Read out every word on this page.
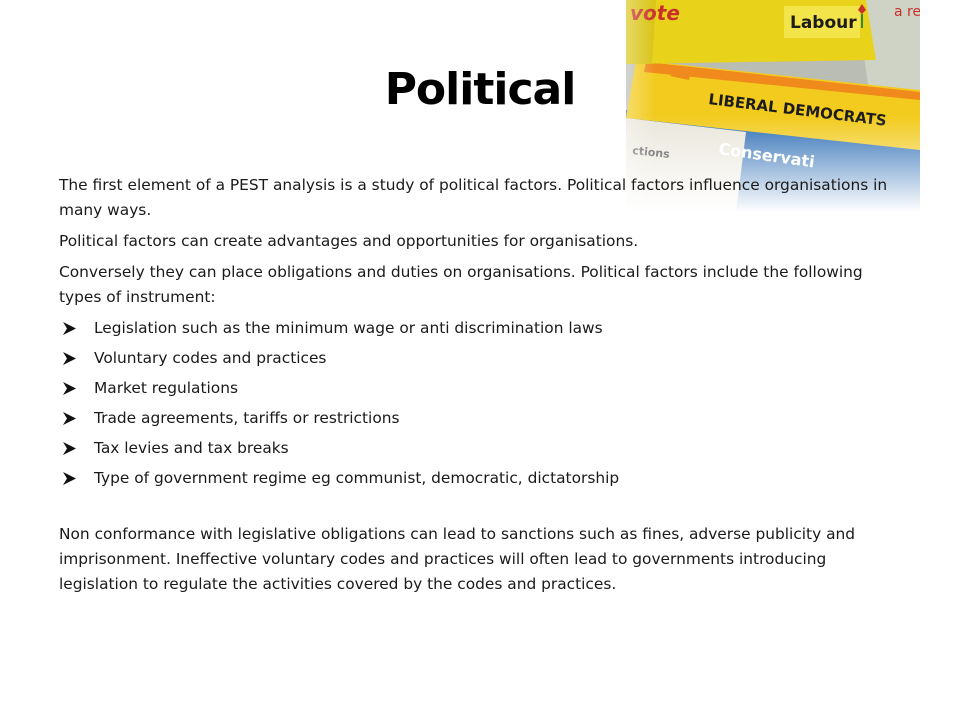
Political

The first element of a PEST analysis is a study of political factors. Political factors influence organisations in many ways.

Political factors can create advantages and opportunities for organisations.

Conversely they can place obligations and duties on organisations. Political factors include the following types of instrument:

Legislation such as the minimum wage or anti discrimination laws
Voluntary codes and practices
Market regulations
Trade agreements, tariffs or restrictions
Tax levies and tax breaks
Type of government regime eg communist, democratic, dictatorship

Non conformance with legislative obligations can lead to sanctions such as fines, adverse publicity and imprisonment. Ineffective voluntary codes and practices will often lead to governments introducing legislation to regulate the activities covered by the codes and practices.
